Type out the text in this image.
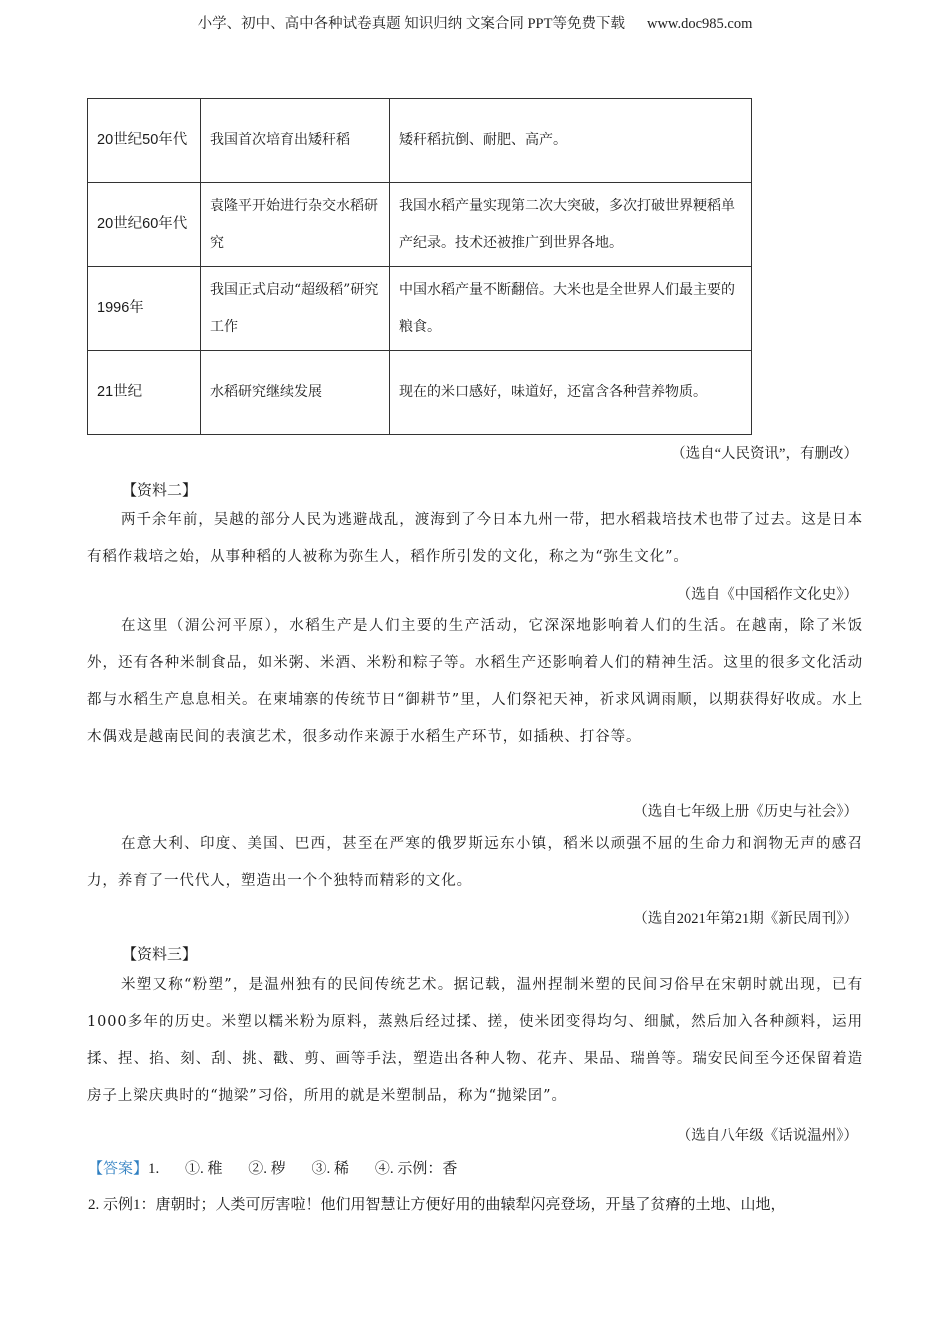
小学、初中、高中各种试卷真题 知识归纳 文案合同 PPT等免费下载 www.doc985.com
20世纪50年代	我国首次培育出矮秆稻	矮秆稻抗倒、耐肥、高产。
20世纪60年代	袁隆平开始进行杂交水稻研究	我国水稻产量实现第二次大突破，多次打破世界粳稻单产纪录。技术还被推广到世界各地。
1996年	我国正式启动“超级稻”研究工作	中国水稻产量不断翻倍。大米也是全世界人们最主要的粮食。
21世纪	水稻研究继续发展	现在的米口感好，味道好，还富含各种营养物质。
（选自“人民资讯”，有删改）
【资料二】
两千余年前，吴越的部分人民为逃避战乱，渡海到了今日本九州一带，把水稻栽培技术也带了过去。这是日本有稻作栽培之始，从事种稻的人被称为弥生人，稻作所引发的文化，称之为“弥生文化”。
（选自《中国稻作文化史》）
在这里（湄公河平原），水稻生产是人们主要的生产活动，它深深地影响着人们的生活。在越南，除了米饭外，还有各种米制食品，如米粥、米酒、米粉和粽子等。水稻生产还影响着人们的精神生活。这里的很多文化活动都与水稻生产息息相关。在柬埔寨的传统节日“御耕节”里，人们祭祀天神，祈求风调雨顺，以期获得好收成。水上木偶戏是越南民间的表演艺术，很多动作来源于水稻生产环节，如插秧、打谷等。
（选自七年级上册《历史与社会》）
在意大利、印度、美国、巴西，甚至在严寒的俄罗斯远东小镇，稻米以顽强不屈的生命力和润物无声的感召力，养育了一代代人，塑造出一个个独特而精彩的文化。
（选自2021年第21期《新民周刊》）
【资料三】
米塑又称“粉塑”，是温州独有的民间传统艺术。据记载，温州捏制米塑的民间习俗早在宋朝时就出现，已有1000多年的历史。米塑以糯米粉为原料，蒸熟后经过揉、搓，使米团变得均匀、细腻，然后加入各种颜料，运用揉、捏、掐、刻、刮、挑、戳、剪、画等手法，塑造出各种人物、花卉、果品、瑞兽等。瑞安民间至今还保留着造房子上梁庆典时的“抛梁”习俗，所用的就是米塑制品，称为“抛梁囝”。
（选自八年级《话说温州》）
【答案】1. ①. 稚 ②. 秽 ③. 稀 ④. 示例：香
2. 示例1：唐朝时；人类可厉害啦！他们用智慧让方便好用的曲辕犁闪亮登场，开垦了贫瘠的土地、山地，
